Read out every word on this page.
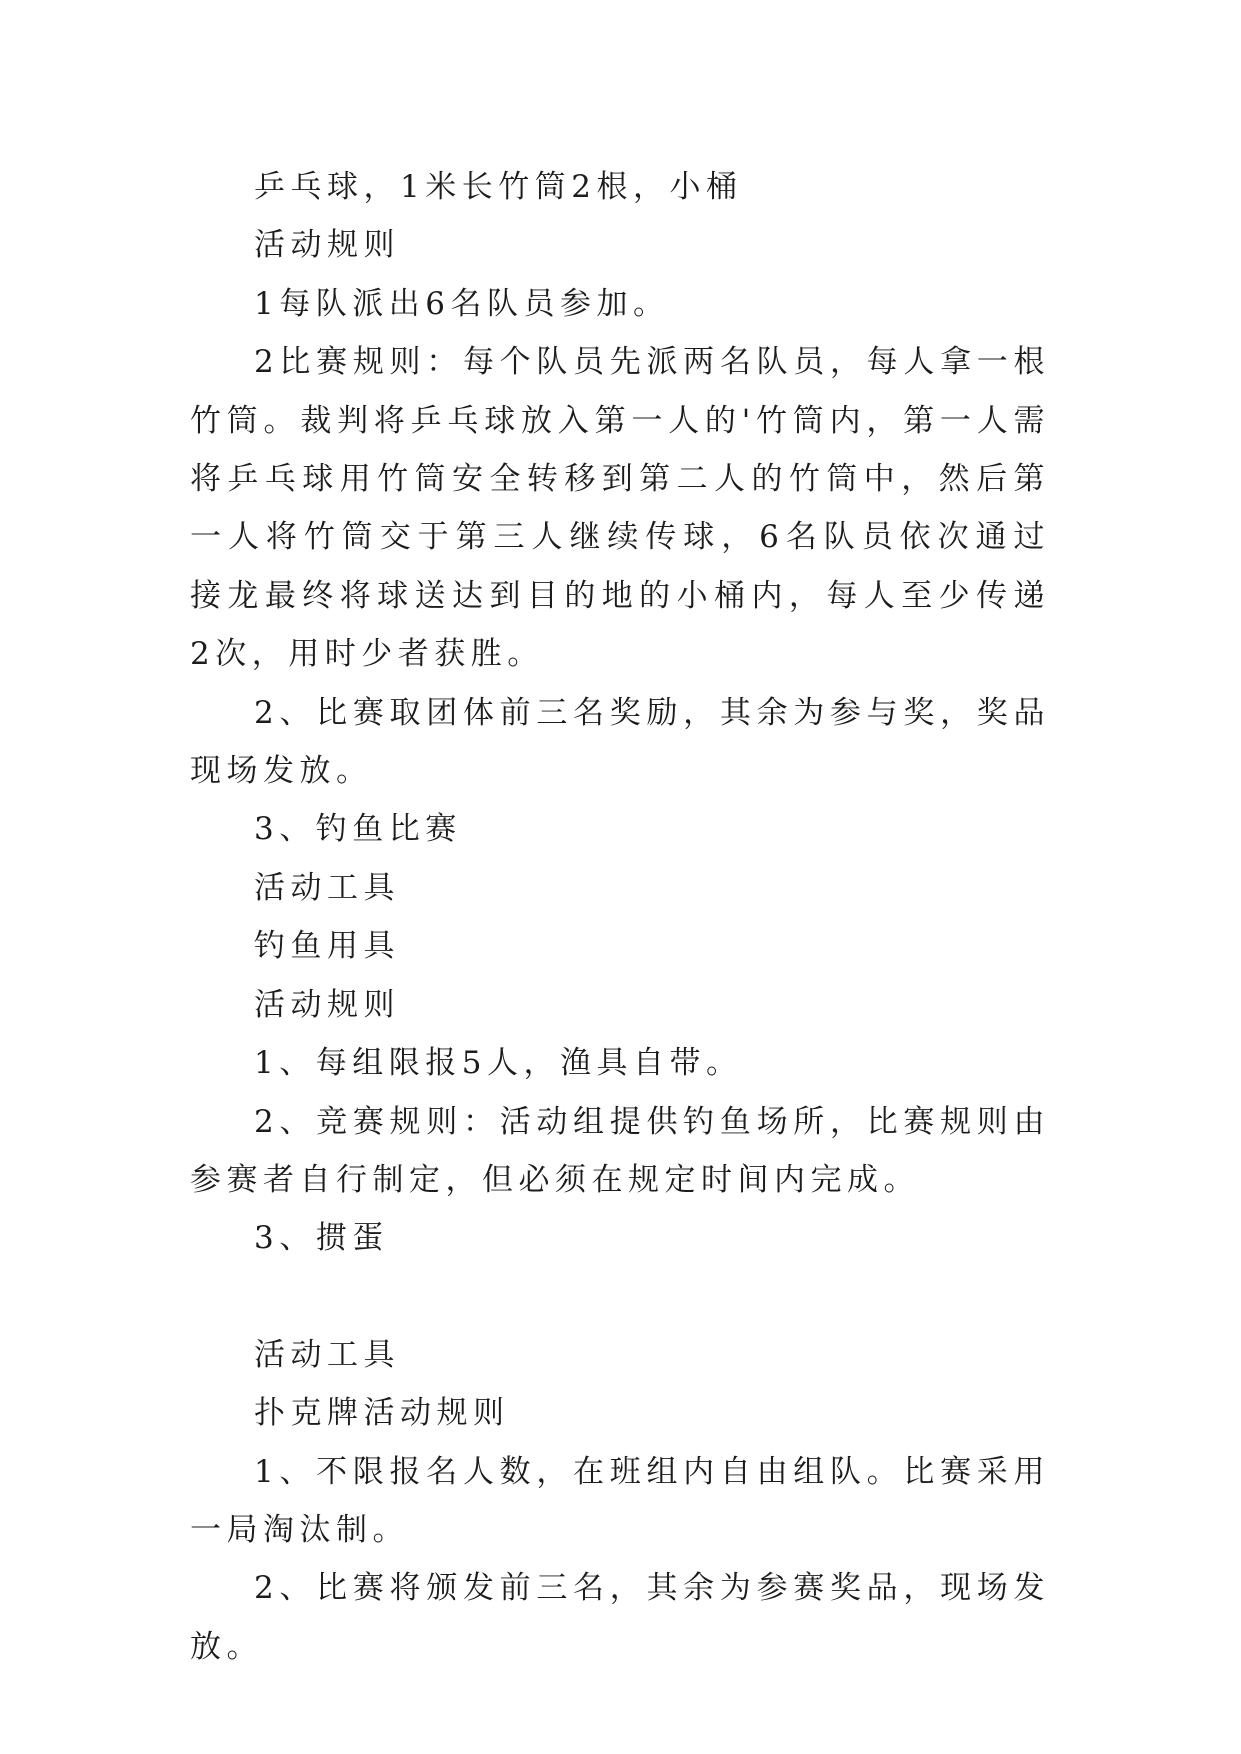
乒乓球，1米长竹筒2根，小桶

活动规则

1每队派出6名队员参加。

2比赛规则：每个队员先派两名队员，每人拿一根竹筒。裁判将乒乓球放入第一人的'竹筒内，第一人需将乒乓球用竹筒安全转移到第二人的竹筒中，然后第一人将竹筒交于第三人继续传球，6名队员依次通过接龙最终将球送达到目的地的小桶内，每人至少传递2次，用时少者获胜。

2、比赛取团体前三名奖励，其余为参与奖，奖品现场发放。

3、钓鱼比赛

活动工具

钓鱼用具

活动规则

1、每组限报5人，渔具自带。

2、竞赛规则：活动组提供钓鱼场所，比赛规则由参赛者自行制定，但必须在规定时间内完成。

3、掼蛋

活动工具

扑克牌活动规则

1、不限报名人数，在班组内自由组队。比赛采用一局淘汰制。

2、比赛将颁发前三名，其余为参赛奖品，现场发放。
